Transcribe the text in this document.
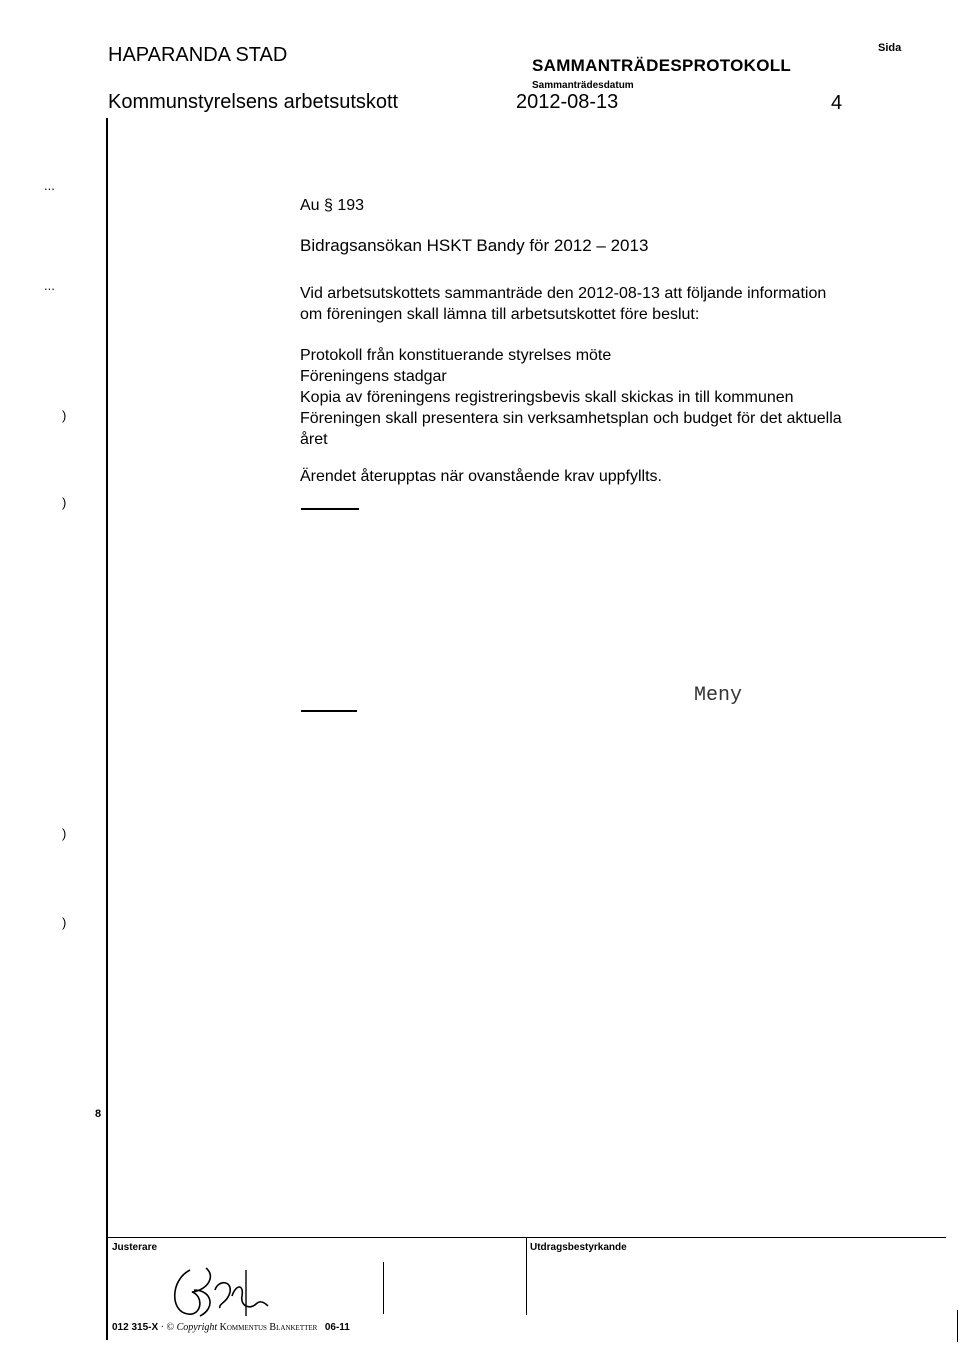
HAPARANDA STAD
Kommunstyrelsens arbetsutskott
SAMMANTRÄDESPROTOKOLL
Sammanträdesdatum
2012-08-13
Sida
4
...
...
)
)
)
)
8
Au § 193
Bidragsansökan HSKT Bandy för 2012 – 2013
Vid arbetsutskottets sammanträde den 2012-08-13 att följande information
om föreningen skall lämna till arbetsutskottet före beslut:
Protokoll från konstituerande styrelses möte
Föreningens stadgar
Kopia av föreningens registreringsbevis skall skickas in till kommunen
Föreningen skall presentera sin verksamhetsplan och budget för det aktuella
året
Ärendet återupptas när ovanstående krav uppfyllts.
Meny
Justerare	Utdragsbestyrkande
012 315-X · © Copyright Kommentus Blanketter 06-11
